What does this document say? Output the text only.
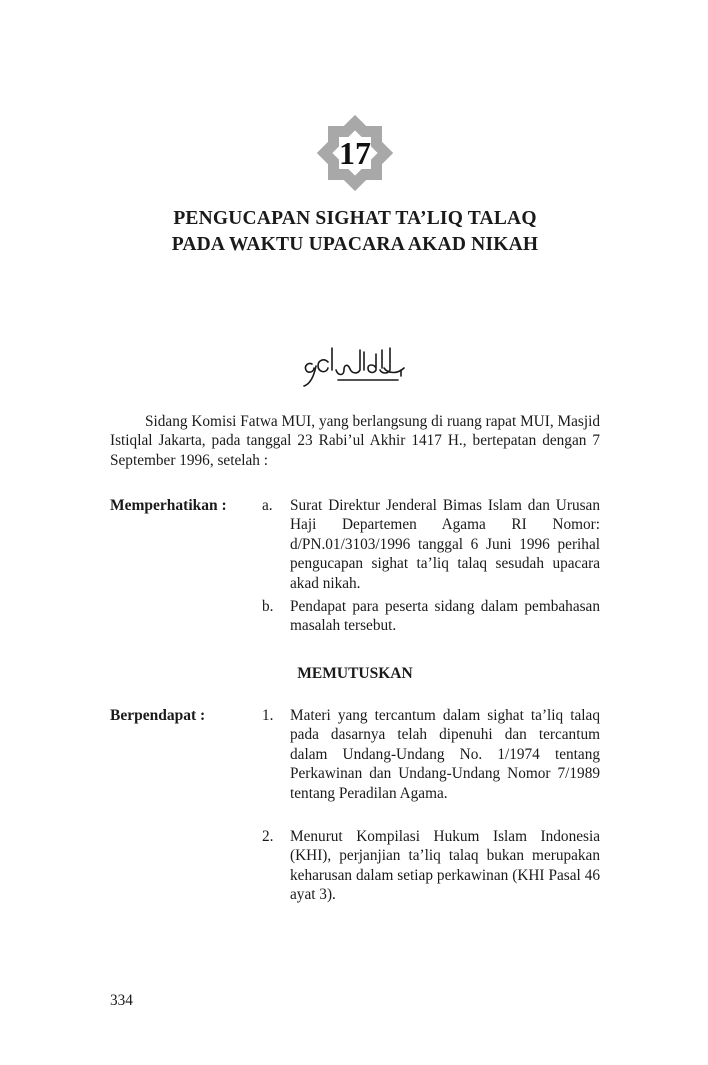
17
PENGUCAPAN SIGHAT TA’LIQ TALAQ
PADA WAKTU UPACARA AKAD NIKAH
Sidang Komisi Fatwa MUI, yang berlangsung di ruang rapat MUI, Masjid Istiqlal Jakarta, pada tanggal 23 Rabi’ul Akhir 1417 H., bertepatan dengan 7 September 1996, setelah :
Memperhatikan : a. Surat Direktur Jenderal Bimas Islam dan Urusan Haji Departemen Agama RI Nomor: d/PN.01/3103/1996 tanggal 6 Juni 1996 perihal pengucapan sighat ta’liq talaq sesudah upacara akad nikah.
b. Pendapat para peserta sidang dalam pembahasan masalah tersebut.
MEMUTUSKAN
Berpendapat :	1. Materi yang tercantum dalam sighat ta’liq talaq pada dasarnya telah dipenuhi dan tercantum dalam Undang-Undang No. 1/1974 tentang Perkawinan dan Undang-Undang Nomor 7/1989 tentang Peradilan Agama.
2. Menurut Kompilasi Hukum Islam Indonesia (KHI), perjanjian ta’liq talaq bukan merupakan keharusan dalam setiap perkawinan (KHI Pasal 46 ayat 3).
334
